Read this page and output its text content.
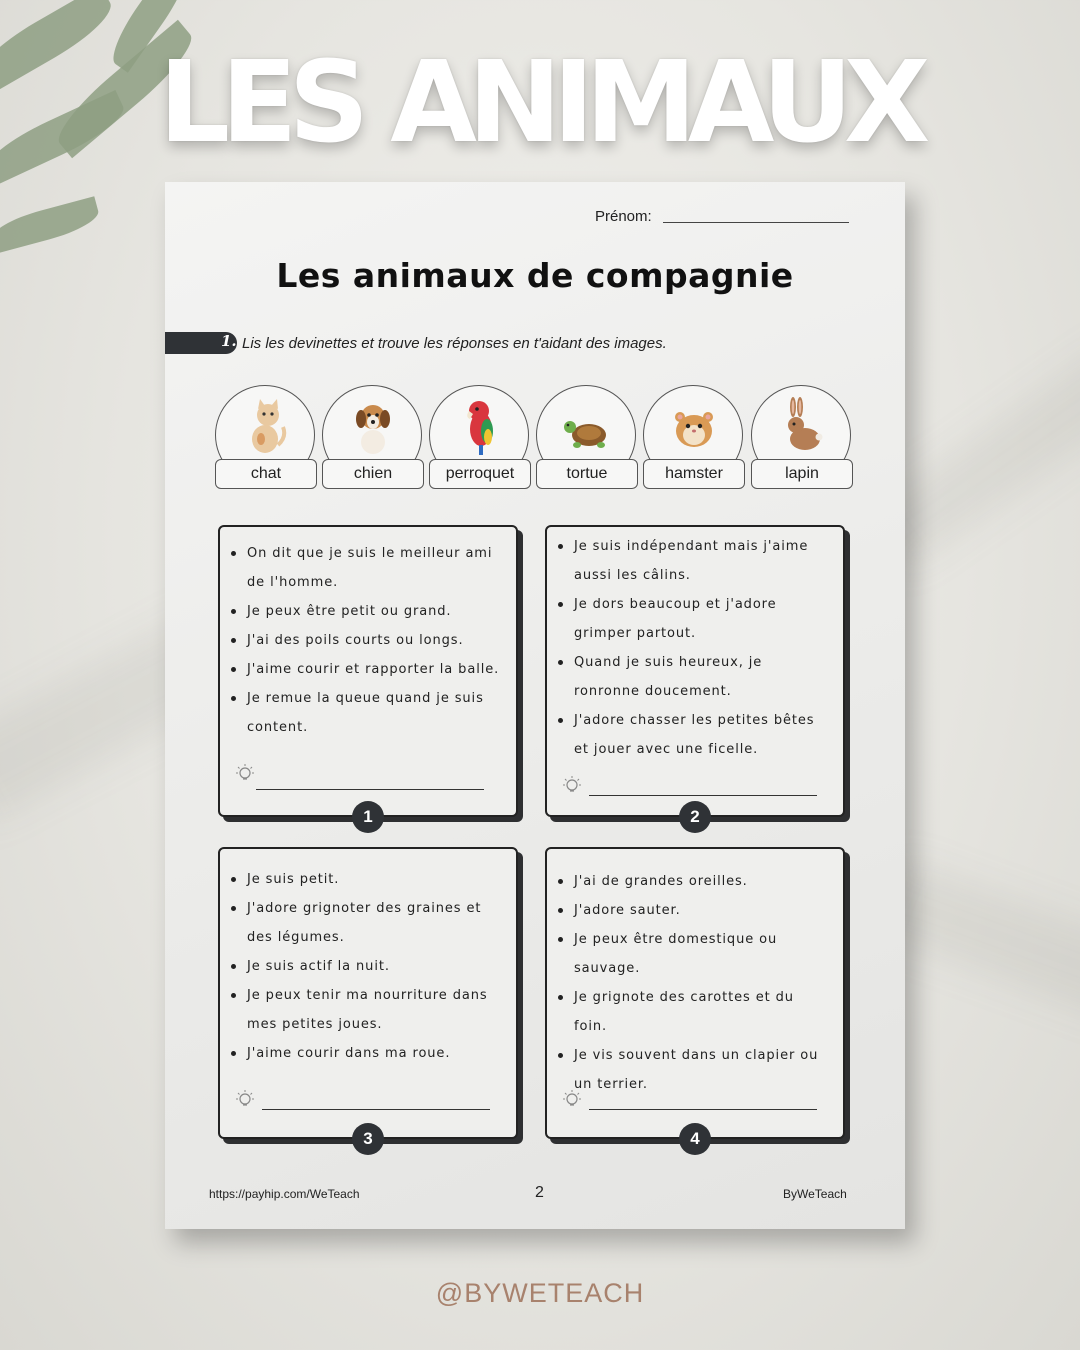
LES ANIMAUX
Prénom:
Les animaux de compagnie
1. Lis les devinettes et trouve les réponses en t'aidant des images.
chat	chien	perroquet	tortue	hamster	lapin
On dit que je suis le meilleur ami de l'homme.
Je peux être petit ou grand.
J'ai des poils courts ou longs.
J'aime courir et rapporter la balle.
Je remue la queue quand je suis content.
1
Je suis indépendant mais j'aime aussi les câlins.
Je dors beaucoup et j'adore grimper partout.
Quand je suis heureux, je ronronne doucement.
J'adore chasser les petites bêtes et jouer avec une ficelle.
2
Je suis petit.
J'adore grignoter des graines et des légumes.
Je suis actif la nuit.
Je peux tenir ma nourriture dans mes petites joues.
J'aime courir dans ma roue.
3
J'ai de grandes oreilles.
J'adore sauter.
Je peux être domestique ou sauvage.
Je grignote des carottes et du foin.
Je vis souvent dans un clapier ou un terrier.
4
https://payhip.com/WeTeach	2	ByWeTeach
@BYWETEACH
